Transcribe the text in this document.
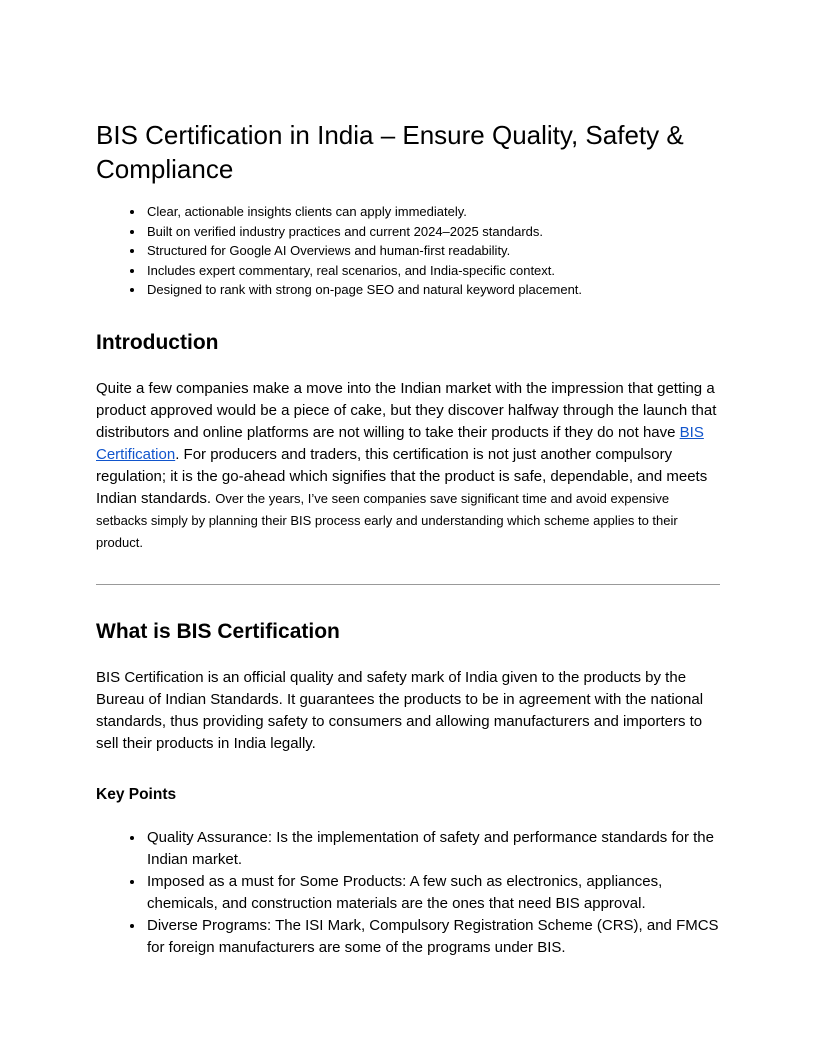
BIS Certification in India – Ensure Quality, Safety & Compliance
• Clear, actionable insights clients can apply immediately.
• Built on verified industry practices and current 2024–2025 standards.
• Structured for Google AI Overviews and human-first readability.
• Includes expert commentary, real scenarios, and India-specific context.
• Designed to rank with strong on-page SEO and natural keyword placement.
Introduction

Quite a few companies make a move into the Indian market with the impression that getting a product approved would be a piece of cake, but they discover halfway through the launch that distributors and online platforms are not willing to take their products if they do not have BIS Certification. For producers and traders, this certification is not just another compulsory regulation; it is the go-ahead which signifies that the product is safe, dependable, and meets Indian standards. Over the years, I’ve seen companies save significant time and avoid expensive setbacks simply by planning their BIS process early and understanding which scheme applies to their product.

What is BIS Certification

BIS Certification is an official quality and safety mark of India given to the products by the Bureau of Indian Standards. It guarantees the products to be in agreement with the national standards, thus providing safety to consumers and allowing manufacturers and importers to sell their products in India legally.

Key Points
• Quality Assurance: Is the implementation of safety and performance standards for the Indian market.
• Imposed as a must for Some Products: A few such as electronics, appliances, chemicals, and construction materials are the ones that need BIS approval.
• Diverse Programs: The ISI Mark, Compulsory Registration Scheme (CRS), and FMCS for foreign manufacturers are some of the programs under BIS.
